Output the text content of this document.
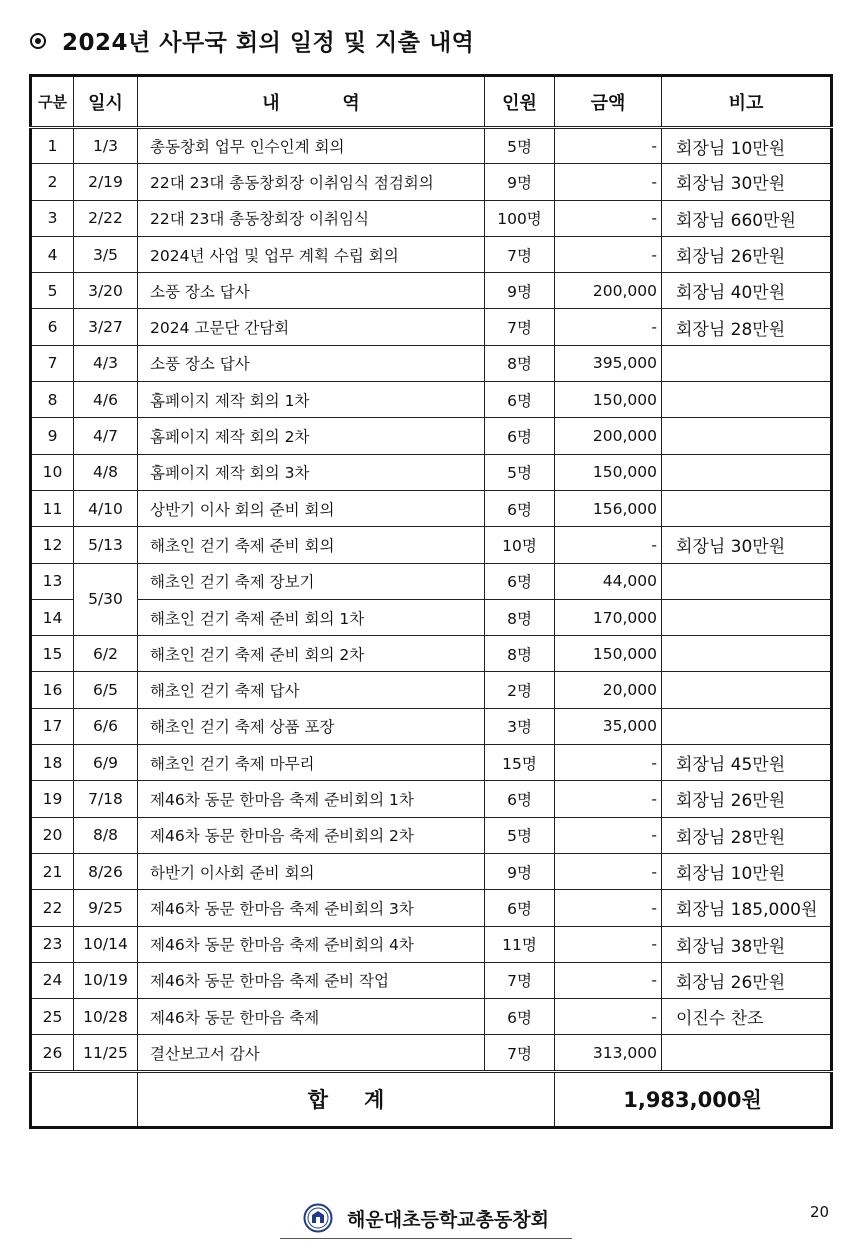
2024년 사무국 회의 일정 및 지출 내역
구분	일시	내          역	인원	금액	비고
1	1/3	총동창회 업무 인수인계 회의	5명	-	회장님 10만원
2	2/19	22대 23대 총동창회장 이취임식 점검회의	9명	-	회장님 30만원
3	2/22	22대 23대 총동창회장 이취임식	100명	-	회장님 660만원
4	3/5	2024년 사업 및 업무 계획 수립 회의	7명	-	회장님 26만원
5	3/20	소풍 장소 답사	9명	200,000	회장님 40만원
6	3/27	2024 고문단 간담회	7명	-	회장님 28만원
7	4/3	소풍 장소 답사	8명	395,000	
8	4/6	홈페이지 제작 회의 1차	6명	150,000	
9	4/7	홈페이지 제작 회의 2차	6명	200,000	
10	4/8	홈페이지 제작 회의 3차	5명	150,000	
11	4/10	상반기 이사 회의 준비 회의	6명	156,000	
12	5/13	해초인 걷기 축제 준비 회의	10명	-	회장님 30만원
13	5/30	해초인 걷기 축제 장보기	6명	44,000	
14		해초인 걷기 축제 준비 회의 1차	8명	170,000	
15	6/2	해초인 걷기 축제 준비 회의 2차	8명	150,000	
16	6/5	해초인 걷기 축제 답사	2명	20,000	
17	6/6	해초인 걷기 축제 상품 포장	3명	35,000	
18	6/9	해초인 걷기 축제 마무리	15명	-	회장님 45만원
19	7/18	제46차 동문 한마음 축제 준비회의 1차	6명	-	회장님 26만원
20	8/8	제46차 동문 한마음 축제 준비회의 2차	5명	-	회장님 28만원
21	8/26	하반기 이사회 준비 회의	9명	-	회장님 10만원
22	9/25	제46차 동문 한마음 축제 준비회의 3차	6명	-	회장님 185,000원
23	10/14	제46차 동문 한마음 축제 준비회의 4차	11명	-	회장님 38만원
24	10/19	제46차 동문 한마음 축제 준비 작업	7명	-	회장님 26만원
25	10/28	제46차 동문 한마음 축제	6명	-	이진수 찬조
26	11/25	결산보고서 감사	7명	313,000	
		합계		1,983,000원	
해운대초등학교총동창회	20
